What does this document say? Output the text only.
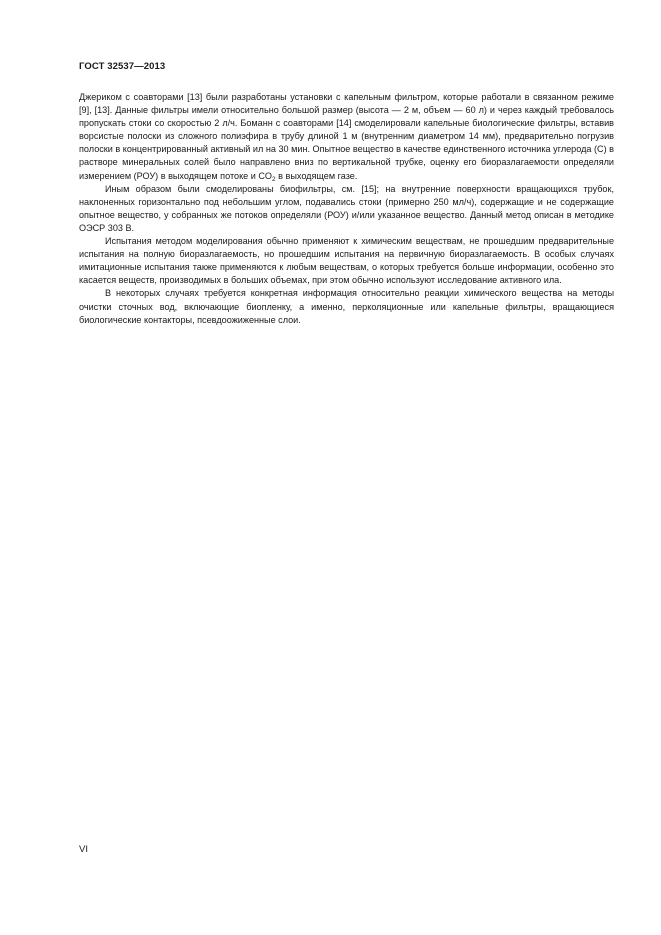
ГОСТ 32537—2013

Джериком с соавторами [13] были разработаны установки с капельным фильтром, которые работали в связанном режиме [9], [13]. Данные фильтры имели относительно большой размер (высота — 2 м, объем — 60 л) и через каждый требовалось пропускать стоки со скоростью 2 л/ч. Боманн с соавторами [14] смоделировали капельные биологические фильтры, вставив ворсистые полоски из сложного полиэфира в трубу длиной 1 м (внутренним диаметром 14 мм), предварительно погрузив полоски в концентрированный активный ил на 30 мин. Опытное вещество в качестве единственного источника углерода (С) в растворе минеральных солей было направлено вниз по вертикальной трубке, оценку его биоразлагаемости определяли измерением (РОУ) в выходящем потоке и $CO_2$ в выходящем газе.

Иным образом были смоделированы биофильтры, см. [15]; на внутренние поверхности вращающихся трубок, наклоненных горизонтально под небольшим углом, подавались стоки (примерно 250 мл/ч), содержащие и не содержащие опытное вещество, у собранных же потоков определяли (РОУ) и/или указанное вещество. Данный метод описан в методике ОЭСР 303 В.

Испытания методом моделирования обычно применяют к химическим веществам, не прошедшим предварительные испытания на полную биоразлагаемость, но прошедшим испытания на первичную биоразлагаемость. В особых случаях имитационные испытания также применяются к любым веществам, о которых требуется больше информации, особенно это касается веществ, производимых в больших объемах, при этом обычно используют исследование активного ила.

В некоторых случаях требуется конкретная информация относительно реакции химического вещества на методы очистки сточных вод, включающие биопленку, а именно, перколяционные или капельные фильтры, вращающиеся биологические контакторы, псевдоожиженные слои.

VI
